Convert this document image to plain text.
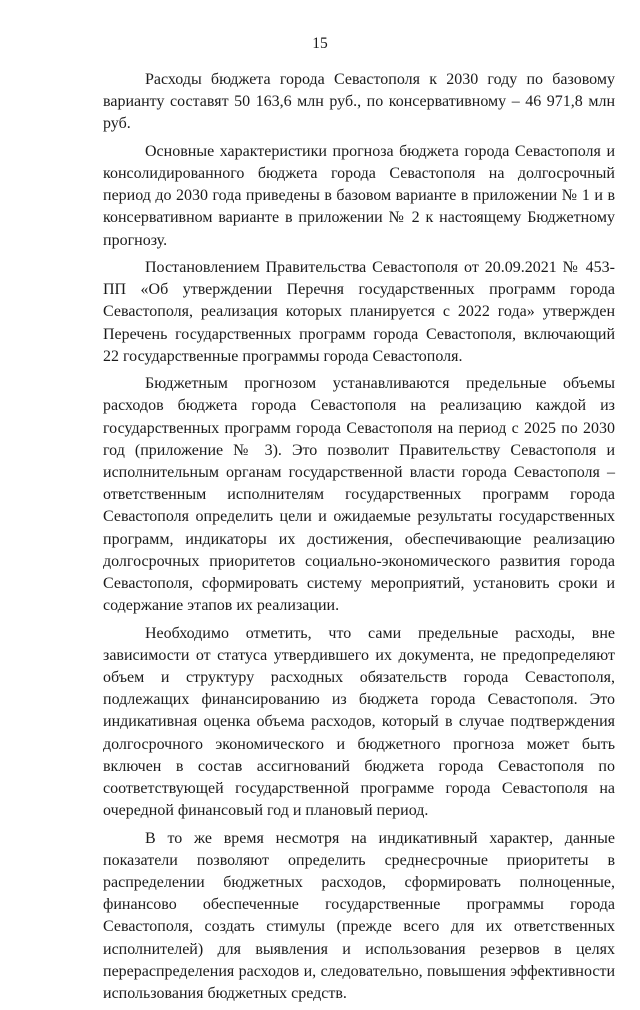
15

Расходы бюджета города Севастополя к 2030 году по базовому варианту составят 50 163,6 млн руб., по консервативному – 46 971,8 млн руб.

Основные характеристики прогноза бюджета города Севастополя и консолидированного бюджета города Севастополя на долгосрочный период до 2030 года приведены в базовом варианте в приложении № 1 и в консервативном варианте в приложении № 2 к настоящему Бюджетному прогнозу.

Постановлением Правительства Севастополя от 20.09.2021 № 453-ПП «Об утверждении Перечня государственных программ города Севастополя, реализация которых планируется с 2022 года» утвержден Перечень государственных программ города Севастополя, включающий 22 государственные программы города Севастополя.

Бюджетным прогнозом устанавливаются предельные объемы расходов бюджета города Севастополя на реализацию каждой из государственных программ города Севастополя на период с 2025 по 2030 год (приложение № 3). Это позволит Правительству Севастополя и исполнительным органам государственной власти города Севастополя – ответственным исполнителям государственных программ города Севастополя определить цели и ожидаемые результаты государственных программ, индикаторы их достижения, обеспечивающие реализацию долгосрочных приоритетов социально-экономического развития города Севастополя, сформировать систему мероприятий, установить сроки и содержание этапов их реализации.

Необходимо отметить, что сами предельные расходы, вне зависимости от статуса утвердившего их документа, не предопределяют объем и структуру расходных обязательств города Севастополя, подлежащих финансированию из бюджета города Севастополя. Это индикативная оценка объема расходов, который в случае подтверждения долгосрочного экономического и бюджетного прогноза может быть включен в состав ассигнований бюджета города Севастополя по соответствующей государственной программе города Севастополя на очередной финансовый год и плановый период.

В то же время несмотря на индикативный характер, данные показатели позволяют определить среднесрочные приоритеты в распределении бюджетных расходов, сформировать полноценные, финансово обеспеченные государственные программы города Севастополя, создать стимулы (прежде всего для их ответственных исполнителей) для выявления и использования резервов в целях перераспределения расходов и, следовательно, повышения эффективности использования бюджетных средств.
